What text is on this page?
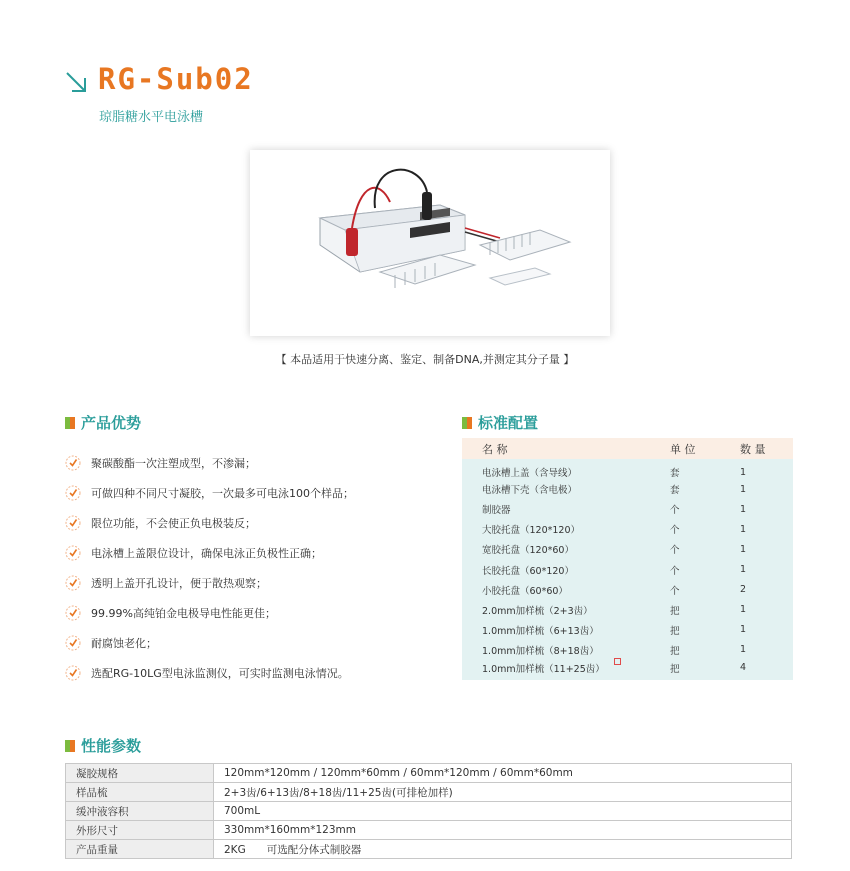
RG-Sub02
琼脂糖水平电泳槽
【 本品适用于快速分离、鉴定、制备DNA,并测定其分子量 】
产品优势
聚碳酸酯一次注塑成型，不渗漏；
可做四种不同尺寸凝胶，一次最多可电泳100个样品；
限位功能，不会使正负电极装反；
电泳槽上盖限位设计，确保电泳正负极性正确；
透明上盖开孔设计，便于散热观察；
99.99%高纯铂金电极导电性能更佳；
耐腐蚀老化；
选配RG-10LG型电泳监测仪，可实时监测电泳情况。
标准配置
名 称	单 位	数 量
电泳槽上盖（含导线）	套	1
电泳槽下壳（含电极）	套	1
制胶器	个	1
大胶托盘（120*120）	个	1
宽胶托盘（120*60）	个	1
长胶托盘（60*120）	个	1
小胶托盘（60*60）	个	2
2.0mm加样梳（2+3齿）	把	1
1.0mm加样梳（6+13齿）	把	1
1.0mm加样梳（8+18齿）	把	1
1.0mm加样梳（11+25齿）	把	4
性能参数
凝胶规格	120mm*120mm / 120mm*60mm / 60mm*120mm / 60mm*60mm
样品梳	2+3齿/6+13齿/8+18齿/11+25齿(可排枪加样)
缓冲液容积	700mL
外形尺寸	330mm*160mm*123mm
产品重量	2KG　　可选配分体式制胶器
